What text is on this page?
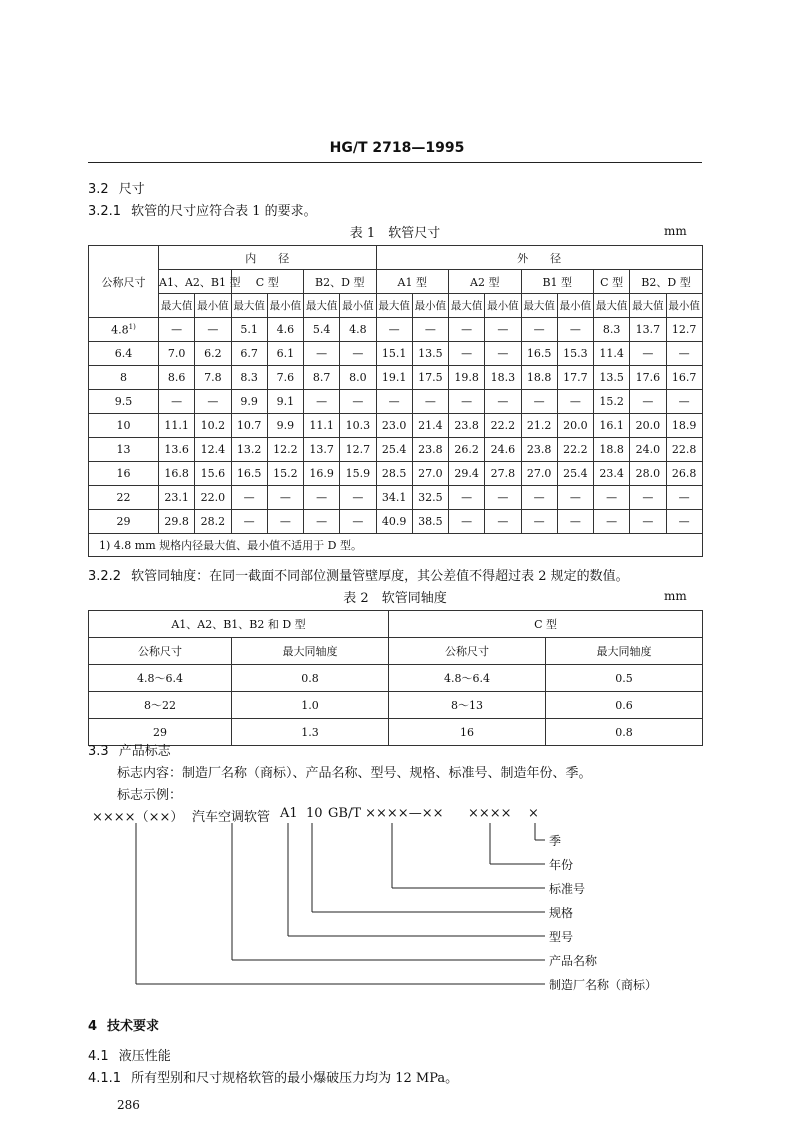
HG/T 2718—1995
3.2 尺寸
3.2.1 软管的尺寸应符合表 1 的要求。
表 1　软管尺寸	mm
公称尺寸	内　　径						外　　径								
	A1、A2、B1 型		C 型		B2、D 型		A1 型		A2 型		B1 型		C 型	B2、D 型	
	最大值	最小值	最大值	最小值	最大值	最小值	最大值	最小值	最大值	最小值	最大值	最小值	最大值	最大值	最小值
4.8$^{1)}$	—	—	5.1	4.6	5.4	4.8	—	—	—	—	—	—	8.3	13.7	12.7
6.4	7.0	6.2	6.7	6.1	—	—	15.1	13.5	—	—	16.5	15.3	11.4	—	—
8	8.6	7.8	8.3	7.6	8.7	8.0	19.1	17.5	19.8	18.3	18.8	17.7	13.5	17.6	16.7
9.5	—	—	9.9	9.1	—	—	—	—	—	—	—	—	15.2	—	—
10	11.1	10.2	10.7	9.9	11.1	10.3	23.0	21.4	23.8	22.2	21.2	20.0	16.1	20.0	18.9
13	13.6	12.4	13.2	12.2	13.7	12.7	25.4	23.8	26.2	24.6	23.8	22.2	18.8	24.0	22.8
16	16.8	15.6	16.5	15.2	16.9	15.9	28.5	27.0	29.4	27.8	27.0	25.4	23.4	28.0	26.8
22	23.1	22.0	—	—	—	—	34.1	32.5	—	—	—	—	—	—	—
29	29.8	28.2	—	—	—	—	40.9	38.5	—	—	—	—	—	—	—
1) 4.8 mm 规格内径最大值、最小值不适用于 D 型。															
3.2.2 软管同轴度：在同一截面不同部位测量管壁厚度，其公差值不得超过表 2 规定的数值。
表 2　软管同轴度	mm
A1、A2、B1、B2 和 D 型		C 型	
公称尺寸	最大同轴度	公称尺寸	最大同轴度
4.8～6.4	0.8	4.8～6.4	0.5
8～22	1.0	8～13	0.6
29	1.3	16	0.8
3.3 产品标志
标志内容：制造厂名称（商标）、产品名称、型号、规格、标准号、制造年份、季。
标志示例：
××××（××） 汽车空调软管 A1 10 GB/T ××××—×× ×××× ×
季
年份
标准号
规格
型号
产品名称
制造厂名称（商标）
4 技术要求
4.1 液压性能
4.1.1 所有型别和尺寸规格软管的最小爆破压力均为 12 MPa。
286
